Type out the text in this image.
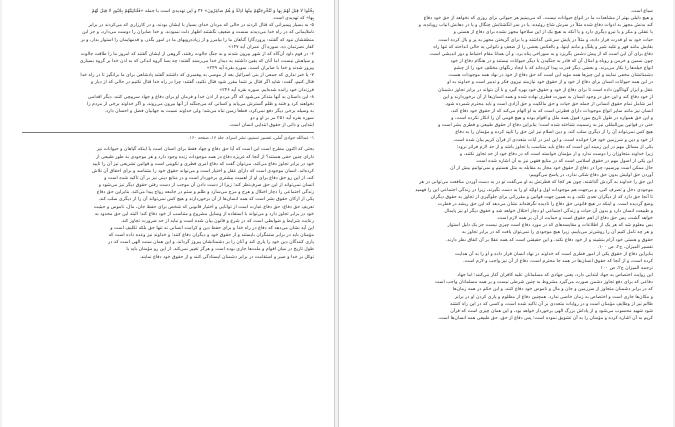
بِخُلُوا لا قِبَلَ لَهُمْ بِها وَ لَنُخْرِجَنَّهُمْ مِنْها أَذِلَّةً وَ هُمْ صاغِرُونَ» ٣۶ و این تهدیدی است با جمله «فَلْنَأْتِيَنَّهُمْ بِجُنُودٍ لا قِبَلَ لَهُمْ
بِها» که تهدیدی است.
۵- به بسیار پیمبرانی که قتال کردند در حالی که مردان خدای بسیار با ایشان بودند، و در کارزاری که می‌کردند در برابر
ناملایماتی که در راه خدا می‌دیدند سست و ضعیف نگشتند اظهار ذلت ننمودند. و خدا صابران را دوست می‌دارد، و جز این
منطقشان نبود که گفتند: پروردگارا گناهان ما را بیامرز و از زیاده‌رویهای ما در امور بگذر، و قدمهایمان را استوار بدار، و بر
کفار نصرتمان ده. سوره آل عمران آیه ۱۴۷»
۶- در قوم داود آن‌گاه که از شهر بیرون شدند و به جنگ جالوت رفتند، گروهی از ایشان گفتند که امروز ما را طاقت جالوت
و سپاهش نیست، اما آنان که یقین داشتند به دیدار خدا می‌رسند گفتند: چه بسا گروه اندکی که به اذن خدا بر گروه بسیاری
پیروز شدند و خدا با صابران است. سوره بقره آیه ۲۴۹»
۷- یا خبر نداری که جمعی از بنی اسرائیل بعد از موسی به پیغمبری که داشتند گفتند پادشاهی برای ما برانگیز تا در راه خدا
قتال کنیم، گفت: شاید اگر قتال بر شما مقرر شود قتال نکنید، گفتند: چرا در راه خدا قتال نکنیم در حالی که از دیار و
فرزندان خود رانده شده‌ایم. سوره بقره آیه ۲۴۶»
۸- این داستان به آنها متذکر می‌شود که اگر مردم از اذن خدا و فرمان او برای دفاع و جهاد سرپیچی کنند، دیگر اقدامی
نخواهند کرد و فتنه و ظلم گسترش می‌یابد و کسانی که می‌جنگند از آنها بیرون می‌روند، و اگر خداوند برخی از مردم را
به وسیله برخی دیگر دفع نمی‌کرد، قطعاً زمین تباه می‌شد؛ ولی خداوند نسبت به جهانیان فضل و احسان دارد.
سوره بقره آیه ۲۵۱ مر بر او و دو
ابتدایی و ذاتی از حقوق ابتدایی انسان است.
١- عبدالله جوادی آملی، تفسیر تسنیم، نشر اسراء، جلد ١۶، صفحه ١۶٠.
بحثی که اکنون مطرح است این است که آیا حق دفاع و جهاد فقط برای انسان است یا اینکه گیاهان و حیوانات نیز
دارای چنین حقی هستند؟ از آنجا که غریزه دفاع در همه موجودات زنده وجود دارد و هر موجودی به طور طبیعی از
خود در برابر تجاوز دفاع می‌کند، می‌توان گفت که دفاع امری فطری و تکوینی است و قوانین تشریعی نیز آن را تأیید
کرده‌اند. انسان موجودی است که دارای عقل و اختیار است و می‌تواند حقوق خود را بشناسد و برای احقاق آن تلاش
کند، از این رو حق دفاع برای او از اهمیت بیشتری برخوردار است و در منابع دینی نیز بر آن تأکید شده است و
انسان نمی‌تواند از این حق صرف‌نظر کند؛ زیرا از دست دادن آن موجب از دست رفتن حقوق دیگر نیز می‌شود و
زندگی اجتماعی را دچار اختلال و هرج و مرج می‌سازد و ظلم و ستم در جامعه رواج پیدا می‌کند. بنابراین حق دفاع
یکی از ارکان حقوق بشر است که همه انسان‌ها از آن برخوردارند و هیچ کس نمی‌تواند آن را از دیگری سلب کند.
تعریف حق دفاع: حق دفاع عبارت است از توانایی و اختیار قانونی که شخص برای حفظ جان، مال، ناموس و حیثیت
خود در برابر تجاوز دارد و می‌تواند با استفاده از وسایل مشروع و متناسب از خود دفاع کند؛ البته این حق محدود به
رعایت شرایط و ضوابطی است که در شرع و قانون بیان شده است و نباید از حد ضرورت تجاوز کند.
این آیه نشان می‌دهد که دفاع در راه خدا و برای حفظ دین و کرامت انسانی نه تنها حق بلکه تکلیف است و
مؤمنان باید در برابر ستمگران بایستند و از حقوق خود و دیگران دفاع کنند؛ و خداوند نیز وعده داده است که
یاری کنندگان دین خود را یاری کند و آنان را بر دشمنانشان پیروز گرداند، و این همان سنت الهی است که در
طول تاریخ در میان اقوام و ملت‌ها جاری بوده است و هرگز تغییر نمی‌کند. از این رو مؤمنان باید با
توکل بر خدا و صبر و استقامت در برابر دشمنان ایستادگی کنند و از حقوق خود دفاع نمایند.
سباع است.
و هیچ دلیلی بهتر از مشاهدات ما در انواع حیوانات نیست، که می‌بینیم هر حیوانی برای روزی که بخواهد از حق خود دفاع
کند بدنش مجهز به ادوات دفاع شده مثلاً در سرش شاخ روئیده، یا در سر انگشتانش چنگال و یا در دهانش انیاب رویانده، و
یا عقلی و مکر و یا نیرو دیگری دارد و یا آنکه به هیچ یک از این سلاحها مجهز نشده برای دفاع از هستی و
حیات خود به او قدرت فرار داده، و مثلاً در پایش سرعتی گذاشته و یا برای گریختن مجهز به پر و بال کرده است.
بقایش مانند قهر و غلبه شیر و پلنگ و مانند اینها، و بالعکس بعضی را از ضعف و ناتوانی به حالی انداخته که تنها راه
دفاع برای آن این است که از پیش دشمن بگریزد و به سوراخی پناه برد، و آن همانا مقام احتیاط و دور اندیشی است.
چون سمین و خرمن و روباه و امثال آن که قادر به جنگیدن با دیگر حیوانات نیستند و در هنگام دفاع از خود
انواع حیله‌ها را بکار می‌برند. و بعضی دیگر قدرت پیدا کرده‌اند که با ایجاد رنگهای مختلف خود را از چشم
دشمنانشان مخفی نمایند و این چیزها همه مؤید این است که حق دفاع از خود در نهاد همه موجودات هست.
در این همه حیوانات انسان برای دفاع از خود و از حقوق خود نیازمند نیروی فکر و تدبیر است و خداوند به او
عقل و ابزار گوناگون داده است تا برای دفاع از خود و حقوق خود بهره گیرد و با آن بتواند در برابر تجاوز دشمنان
از خود دفاع کند و این حق در وجود انسان به صورت فطری نهاده شده و همه انسان‌ها از آن برخوردارند و این
امر شامل تمام حقوق انسانی از جمله حق حیات و حق مالکیت و حق آزادی است و باید محترم شمرده شود.
انسان نیز مانند سایر انواع موجودات دارای فطرتی است که به او الهام می‌کند که از حقوق خود دفاع کند،
و این حق همواره در طول تاریخ مورد قبول همه ملل و اقوام بوده و هیچ قومی آن را انکار نکرده است، و
حتی در قوانین بین‌المللی نیز به رسمیت شناخته شده است؛ بنابراین دفاع از حقوق طبیعی و فطری بشر است و
هیچ کس نمی‌تواند آن را از دیگری سلب کند، و دین اسلام نیز این حق را تأیید کرده و مؤمنان را به دفاع
از خود و دین و سرزمین خود فرا خوانده است، و این امر در آیات متعددی از قرآن کریم بیان شده است.
یکی از مسائل مهم در این زمینه این است که دفاع باید متناسب با تجاوز باشد و از حد لازم فراتر نرود؛
زیرا خداوند متجاوزان را دوست ندارد و از مؤمنان خواسته است که در دفاع خود از حد تجاوز نکنند، و
این یکی از اصول مهم در حقوق اسلامی است که در منابع فقهی نیز به آن اشاره شده است.
حال ممکن است بپرسیم: چرا در دفاع از حقوق خود مجاز به مقابله به مثل هستیم و نمی‌توانیم بیش از آن
آوردن حق اولیش بدون حق دفاع شکی ندارد، در پاسخ می‌گوییم:
این حق را خداوند به گردش گذاشته، چون هر کجا که فطرتش به او می‌گفت تو در به دست آوردن منافعت می‌توانی در هر
موجودی دخل و تصرف کنی، و بی‌جهت هم موجودات اول و اولیّه او را به دست نگیرند، زیرا در زندگی اجتماعی این را فهمید
تا آنجا حق دارد که از دیگران تعدی نکند، و به همین جهت قوانین و مقرراتی برای جلوگیری از تجاوز به حقوق دیگران
وضع گردیده است. و اینکه در هیچ قانونی حق دفاع را نادیده نگرفته‌اند نشان می‌دهد که این حق ریشه در فطرت
و طبیعت انسان دارد و بدون آن حیات و زندگی اجتماعی او دچار اختلال خواهد شد و حقوق دیگر او نیز پایمال
خواهد گشت، پس حق دفاع از اهم حقوق است و حمایت از آن بر همه لازم است.
بس معلوم شد که هر یک از اطلاعات و مقایسه‌های که در مورد دفاع است چیزی نیست جز یک دلیل استوار
و هر چه تأمل کنیم آن را روشن‌تر می‌یابیم، زیرا هیچ موجودی را نمی‌توان یافت که در برابر تجاوز به
حقوق و هستی خود آرام بنشیند و از خود دفاع نکند، و این حقیقتی است که همه عقلا بر آن اتفاق نظر دارند.
تفسیر المیزان، ج۲، ص ۱۰۰.
بنابراین دفاع از حقوق یکی از امور فطری است که خداوند در نهاد انسان قرار داده و او را به آن هدایت
کرده است، و از آنجا که حقوق انسان‌ها در همه جا محترم است، دفاع از آن نیز واجب و لازم است.
ترجمه المیزان ج۲، ص ۱۰۰
این روایت اختصاص به جهاد ابتدایی دارد، یعنی جهادی که مسلمانان علیه کافران آغاز می‌کنند؛ اما جهاد
دفاعی که برای دفع تجاوز دشمن صورت می‌گیرد مشروط به چنین شرطی نیست و بر همه مسلمانان واجب است
که در برابر دشمنان متجاوز از سرزمین و جان و مال و ناموس خود دفاع کنند، و این حکم در همه زمان‌ها
و مکان‌ها جاری است و اختصاص به زمان خاصی ندارد. همچنین دفاع از مظلوم و یاری کردن او در برابر
ظالم نیز از وظایف مؤمنان است و در روایات متعددی بر آن تأکید شده است، و کسی که در این راه کشته
شود شهید محسوب می‌شود و از پاداش بزرگ الهی برخوردار خواهد بود، و این همان چیزی است که قرآن
کریم به آن اشاره کرده و مؤمنان را به آن تشویق نموده است؛ پس دفاع از حق، حق طبیعی همه انسان‌ها است.
